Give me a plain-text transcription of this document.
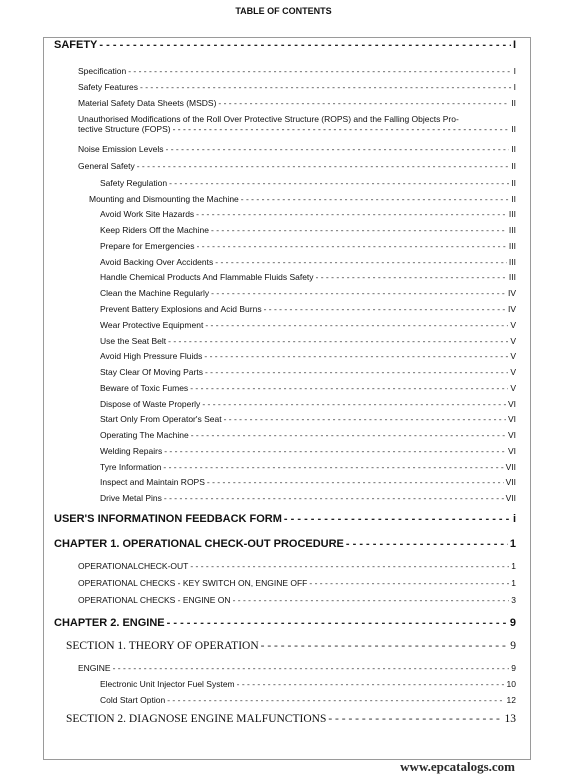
TABLE OF CONTENTS
SAFETY - - -	I
Specification - - -	I
Safety Features - - -	I
Material Safety Data Sheets (MSDS) - - -	II
Unauthorised Modifications of the Roll Over Protective Structure (ROPS) and the Falling Objects Pro-
tective Structure (FOPS) - - -	II
Noise Emission Levels - - -	II
General Safety - - -	II
Safety Regulation - - -	II
Mounting and Dismounting the Machine - - -	II
Avoid Work Site Hazards - - -	III
Keep Riders Off the Machine - - -	III
Prepare for Emergencies - - -	III
Avoid Backing Over Accidents - - -	III
Handle Chemical Products And Flammable Fluids Safety - - -	III
Clean the Machine Regularly - - -	IV
Prevent Battery Explosions and Acid Burns - - -	IV
Wear Protective Equipment - - -	V
Use the Seat Belt - - -	V
Avoid High Pressure Fluids - - -	V
Stay Clear Of Moving Parts - - -	V
Beware of Toxic Fumes - - -	V
Dispose of Waste Properly - - -	VI
Start Only From Operator's Seat - - -	VI
Operating The Machine - - -	VI
Welding Repairs - - -	VI
Tyre Information - - -	VII
Inspect and Maintain ROPS - - -	VII
Drive Metal Pins - - -	VII
USER'S INFORMATINON FEEDBACK FORM - - -	i
CHAPTER 1. OPERATIONAL CHECK-OUT PROCEDURE - - -	1
OPERATIONALCHECK-OUT - - -	1
OPERATIONAL CHECKS - KEY SWITCH ON, ENGINE OFF - - -	1
OPERATIONAL CHECKS - ENGINE ON - - -	3
CHAPTER 2. ENGINE - - -	9
SECTION 1. THEORY OF OPERATION - - -	9
ENGINE - - -	9
Electronic Unit Injector Fuel System - - -	10
Cold Start Option - - -	12
SECTION 2. DIAGNOSE ENGINE MALFUNCTIONS - - -	13
www.epcatalogs.com
